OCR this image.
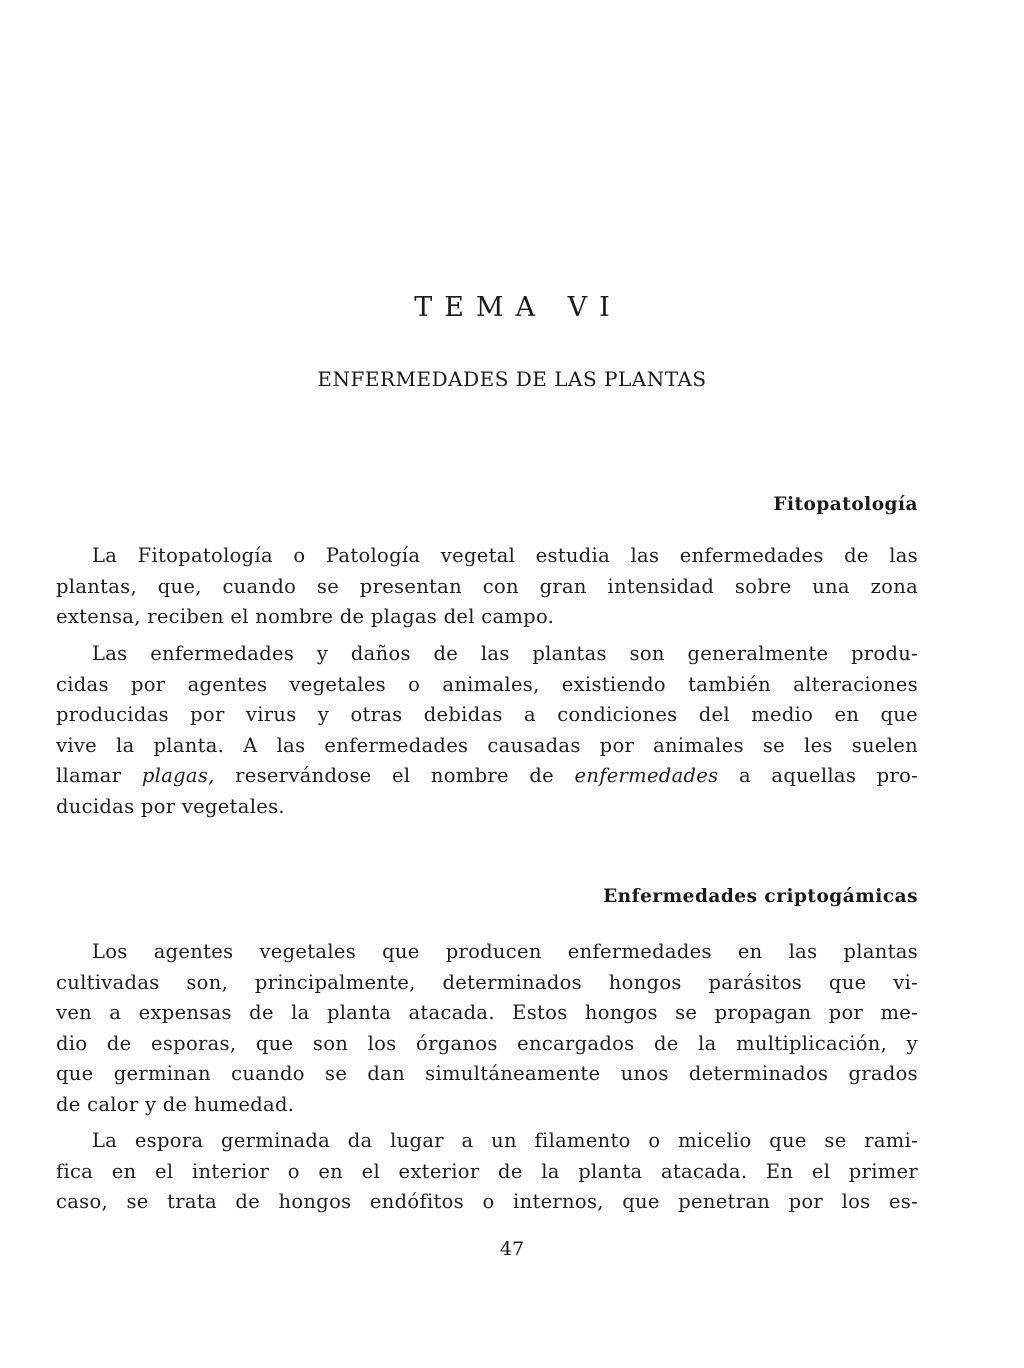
TEMA VI
ENFERMEDADES DE LAS PLANTAS
Fitopatología

La Fitopatología o Patología vegetal estudia las enfermedades de las
plantas, que, cuando se presentan con gran intensidad sobre una zona
extensa, reciben el nombre de plagas del campo.

Las enfermedades y daños de las plantas son generalmente produ-
cidas por agentes vegetales o animales, existiendo también alteraciones
producidas por virus y otras debidas a condiciones del medio en que
vive la planta. A las enfermedades causadas por animales se les suelen
llamar plagas, reservándose el nombre de enfermedades a aquellas pro-
ducidas por vegetales.

Enfermedades criptogámicas

Los agentes vegetales que producen enfermedades en las plantas
cultivadas son, principalmente, determinados hongos parásitos que vi-
ven a expensas de la planta atacada. Estos hongos se propagan por me-
dio de esporas, que son los órganos encargados de la multiplicación, y
que germinan cuando se dan simultáneamente unos determinados grados
de calor y de humedad.

La espora germinada da lugar a un filamento o micelio que se rami-
fica en el interior o en el exterior de la planta atacada. En el primer
caso, se trata de hongos endófitos o internos, que penetran por los es-

47
